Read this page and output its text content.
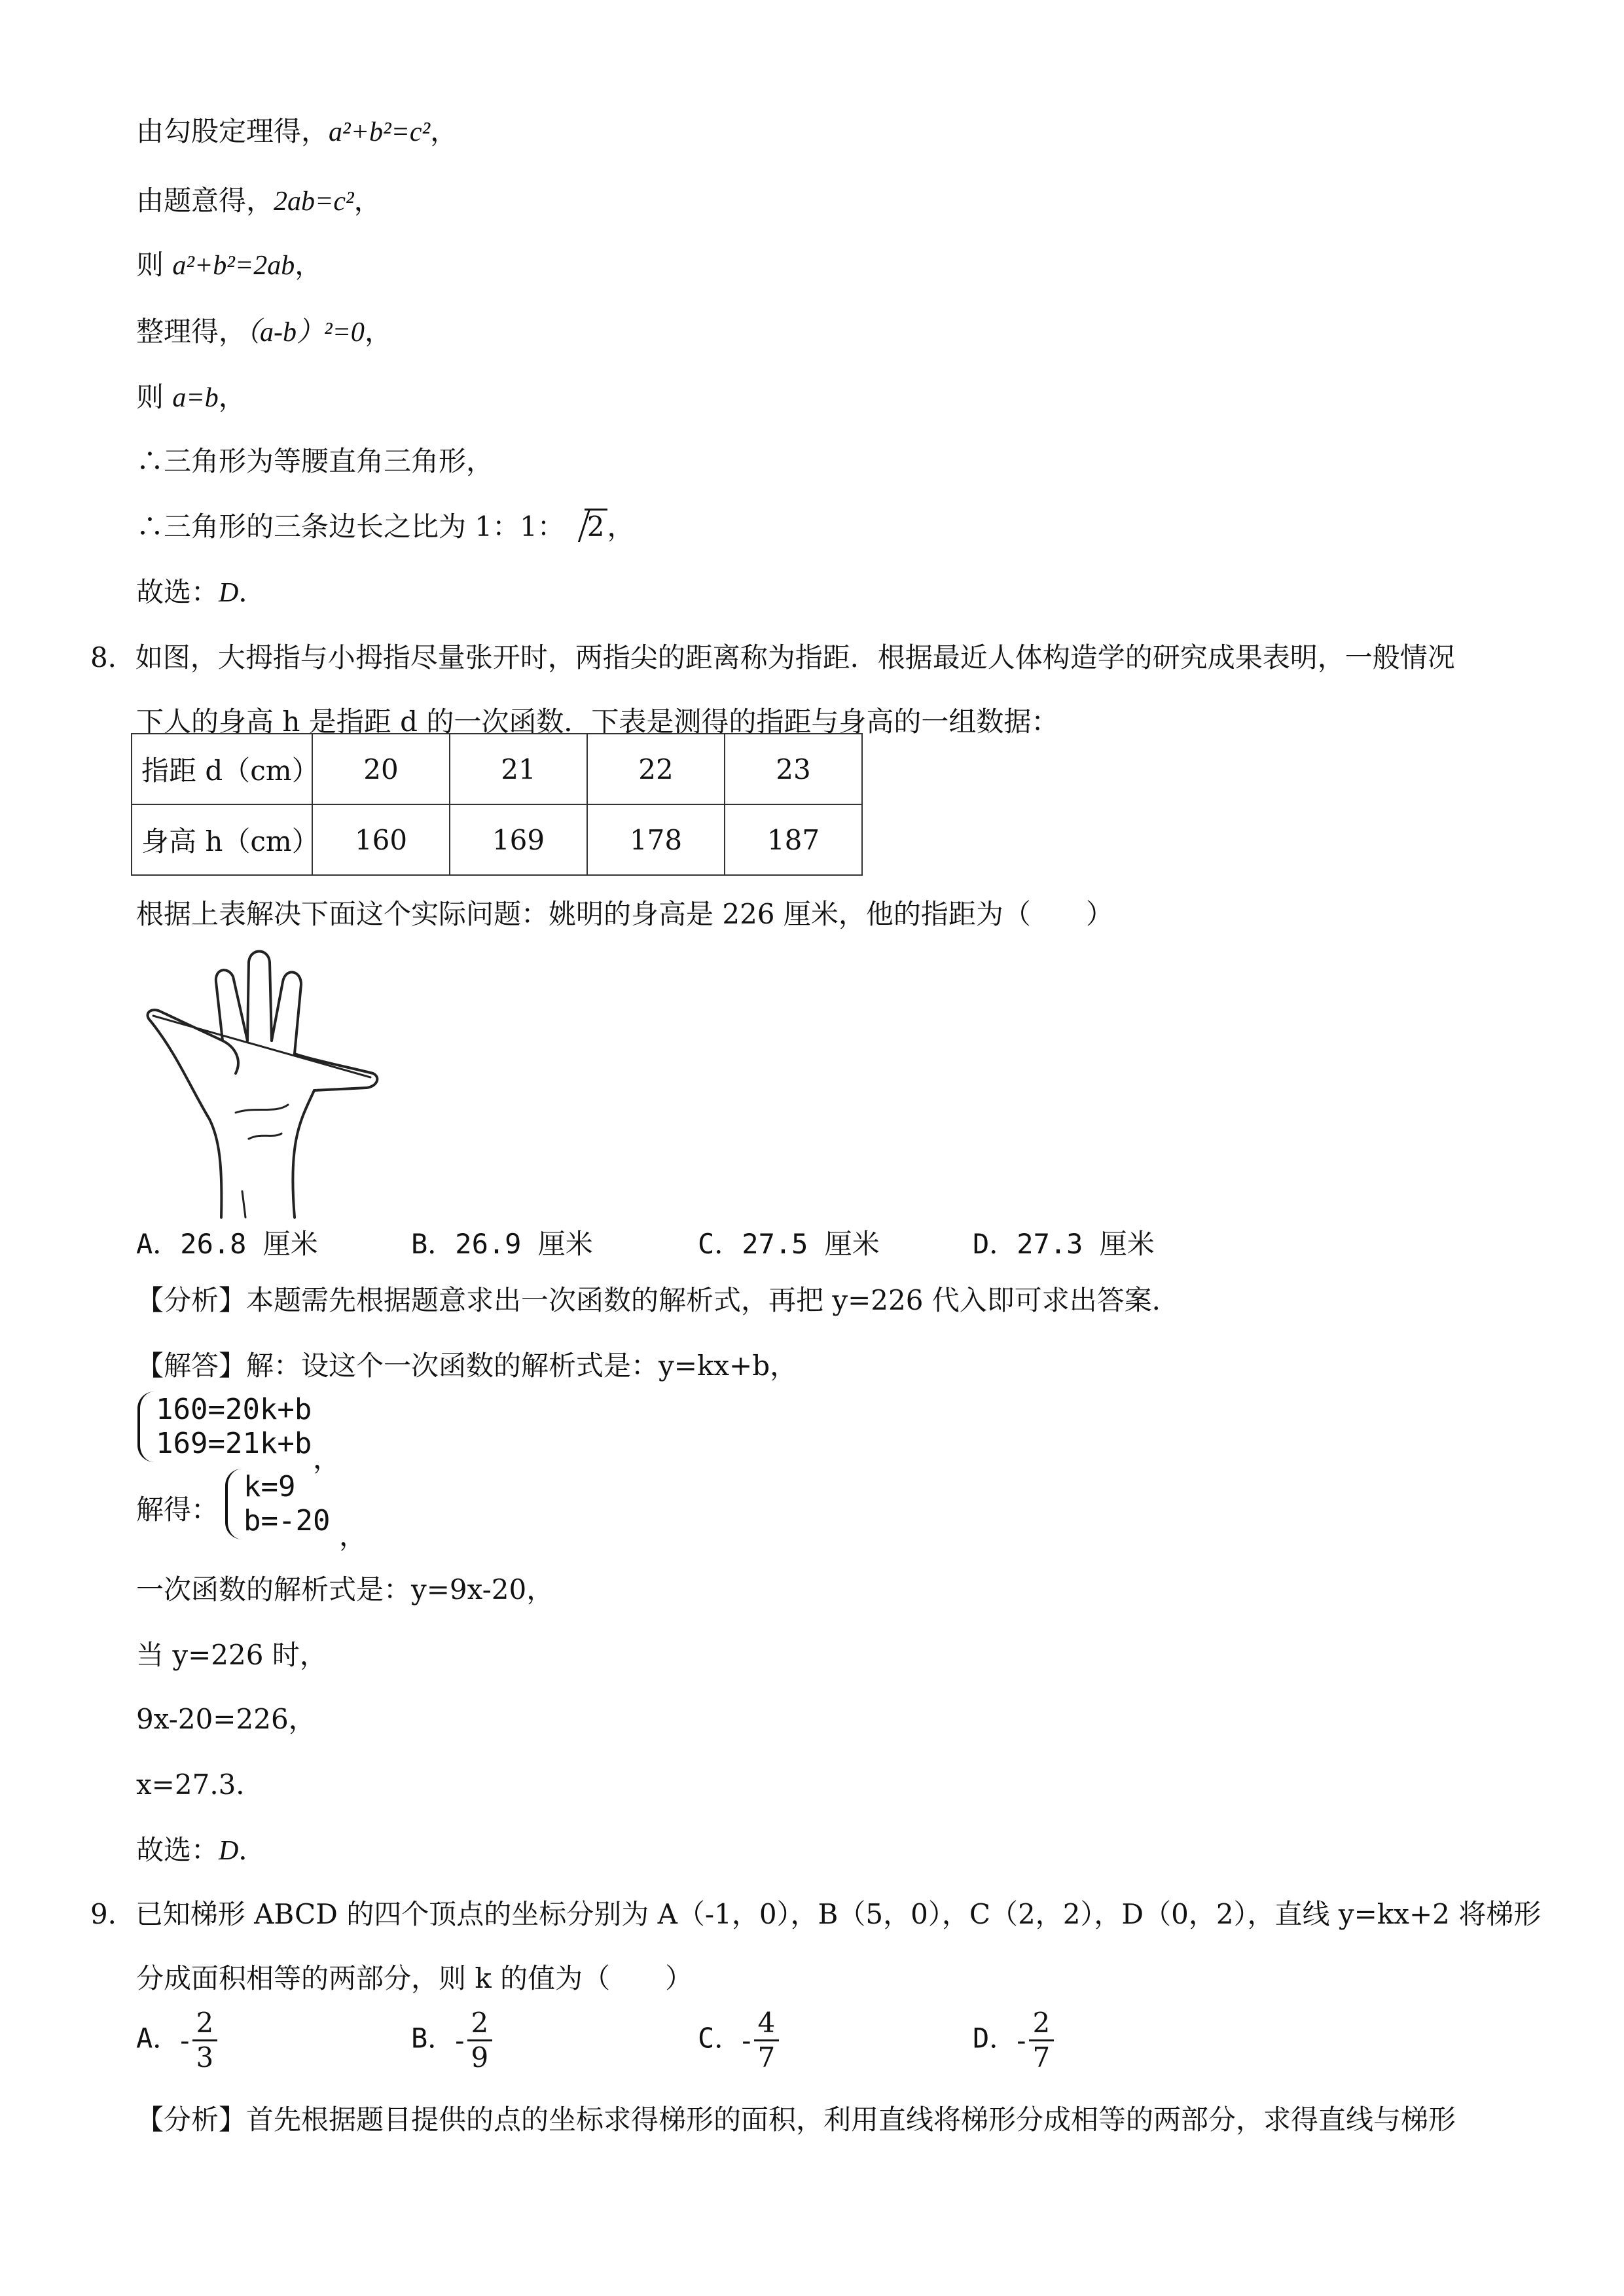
由勾股定理得，a²+b²=c²，
由题意得，2ab=c²，
则 a²+b²=2ab，
整理得，（a-b）²=0，
则 a=b，
∴三角形为等腰直角三角形，
∴三角形的三条边长之比为 1：1： 2，
故选：D．
8．如图，大拇指与小拇指尽量张开时，两指尖的距离称为指距．根据最近人体构造学的研究成果表明，一般情况
下人的身高 h 是指距 d 的一次函数．下表是测得的指距与身高的一组数据：
指距 d（cm）	20	21	22	23
身高 h（cm）	160	169	178	187
根据上表解决下面这个实际问题：姚明的身高是 226 厘米，他的指距为（　　）
A．26.8 厘米	B．26.9 厘米	C．27.5 厘米	D．27.3 厘米
【分析】本题需先根据题意求出一次函数的解析式，再把 y=226 代入即可求出答案．
【解答】解：设这个一次函数的解析式是：y=kx+b，
160=20k+b
169=21k+b ，
解得：
k=9
b=-20 ，
一次函数的解析式是：y=9x-20，
当 y=226 时，
9x-20=226，
x=27.3．
故选：D．
9．已知梯形 ABCD 的四个顶点的坐标分别为 A（-1，0），B（5，0），C（2，2），D（0，2），直线 y=kx+2 将梯形
分成面积相等的两部分，则 k 的值为（　　）
A．- $\frac{2}{3}$	B．- $\frac{2}{9}$	C．- $\frac{4}{7}$	D．- $\frac{2}{7}$
【分析】首先根据题目提供的点的坐标求得梯形的面积，利用直线将梯形分成相等的两部分，求得直线与梯形
